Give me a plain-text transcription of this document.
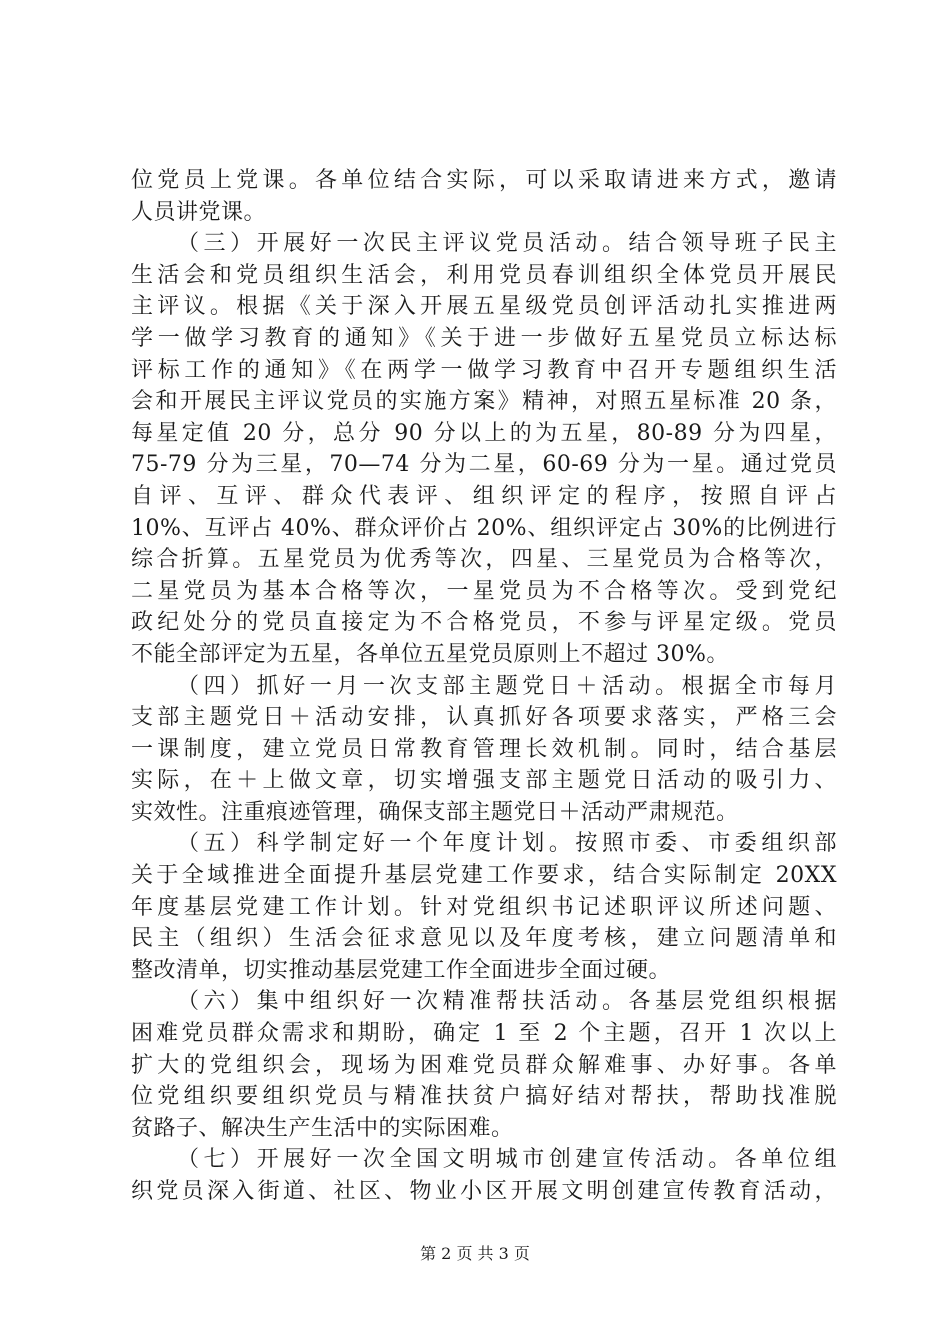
位党员上党课。各单位结合实际，可以采取请进来方式，邀请
人员讲党课。
（三）开展好一次民主评议党员活动。结合领导班子民主
生活会和党员组织生活会，利用党员春训组织全体党员开展民
主评议。根据《关于深入开展五星级党员创评活动扎实推进两
学一做学习教育的通知》《关于进一步做好五星党员立标达标
评标工作的通知》《在两学一做学习教育中召开专题组织生活
会和开展民主评议党员的实施方案》精神，对照五星标准 20 条，
每星定值 20 分，总分 90 分以上的为五星，80-89 分为四星，
75-79 分为三星，70—74 分为二星，60-69 分为一星。通过党员
自评、互评、群众代表评、组织评定的程序，按照自评占
10%、互评占 40%、群众评价占 20%、组织评定占 30%的比例进行
综合折算。五星党员为优秀等次，四星、三星党员为合格等次，
二星党员为基本合格等次，一星党员为不合格等次。受到党纪
政纪处分的党员直接定为不合格党员，不参与评星定级。党员
不能全部评定为五星，各单位五星党员原则上不超过 30%。
（四）抓好一月一次支部主题党日＋活动。根据全市每月
支部主题党日＋活动安排，认真抓好各项要求落实，严格三会
一课制度，建立党员日常教育管理长效机制。同时，结合基层
实际，在＋上做文章，切实增强支部主题党日活动的吸引力、
实效性。注重痕迹管理，确保支部主题党日＋活动严肃规范。
（五）科学制定好一个年度计划。按照市委、市委组织部
关于全域推进全面提升基层党建工作要求，结合实际制定 20XX
年度基层党建工作计划。针对党组织书记述职评议所述问题、
民主（组织）生活会征求意见以及年度考核，建立问题清单和
整改清单，切实推动基层党建工作全面进步全面过硬。
（六）集中组织好一次精准帮扶活动。各基层党组织根据
困难党员群众需求和期盼，确定 1 至 2 个主题，召开 1 次以上
扩大的党组织会，现场为困难党员群众解难事、办好事。各单
位党组织要组织党员与精准扶贫户搞好结对帮扶，帮助找准脱
贫路子、解决生产生活中的实际困难。
（七）开展好一次全国文明城市创建宣传活动。各单位组
织党员深入街道、社区、物业小区开展文明创建宣传教育活动，
第 2 页 共 3 页
